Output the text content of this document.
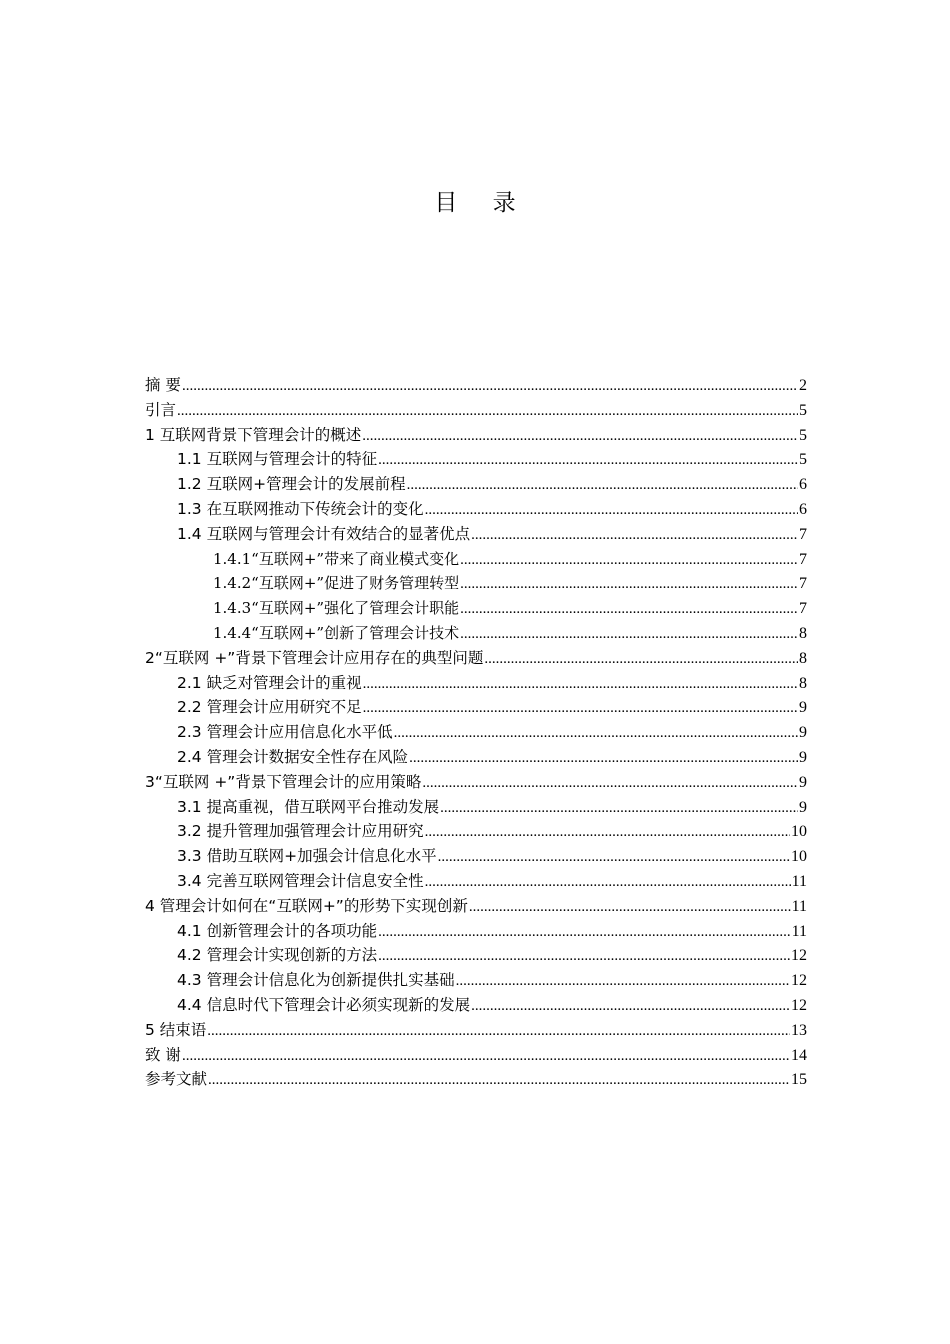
目 录
摘 要 .....	2
引言 .....	5
1 互联网背景下管理会计的概述 .....	5
1.1 互联网与管理会计的特征 .....	5
1.2 互联网+管理会计的发展前程 .....	6
1.3 在互联网推动下传统会计的变化 .....	6
1.4 互联网与管理会计有效结合的显著优点 .....	7
1.4.1“互联网+”带来了商业模式变化 .....	7
1.4.2“互联网+”促进了财务管理转型 .....	7
1.4.3“互联网+”强化了管理会计职能 .....	7
1.4.4“互联网+”创新了管理会计技术 .....	8
2“互联网 +”背景下管理会计应用存在的典型问题 .....	8
2.1 缺乏对管理会计的重视 .....	8
2.2 管理会计应用研究不足 .....	9
2.3 管理会计应用信息化水平低 .....	9
2.4 管理会计数据安全性存在风险 .....	9
3“互联网 +”背景下管理会计的应用策略 .....	9
3.1 提高重视，借互联网平台推动发展 .....	9
3.2 提升管理加强管理会计应用研究 .....	10
3.3 借助互联网+加强会计信息化水平 .....	10
3.4 完善互联网管理会计信息安全性 .....	11
4 管理会计如何在“互联网+”的形势下实现创新 .....	11
4.1 创新管理会计的各项功能 .....	11
4.2 管理会计实现创新的方法 .....	12
4.3 管理会计信息化为创新提供扎实基础 .....	12
4.4 信息时代下管理会计必须实现新的发展 .....	12
5 结束语 .....	13
致 谢 .....	14
参考文献 .....	15
